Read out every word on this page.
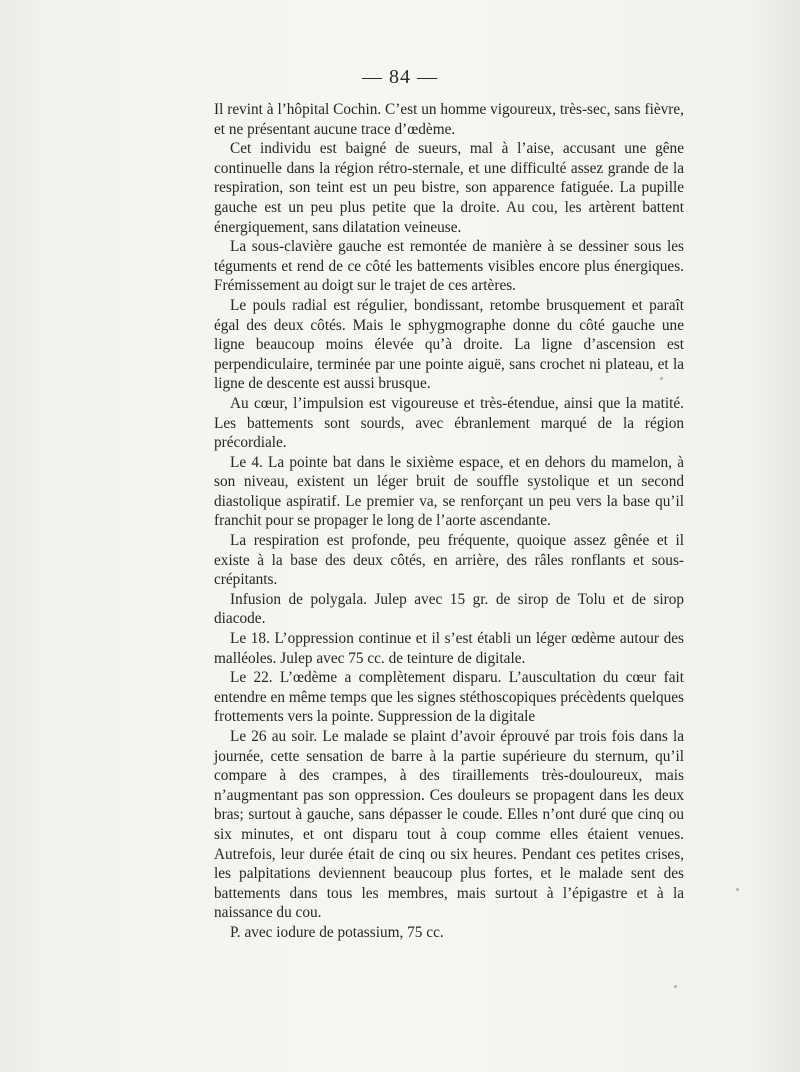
— 84 —

Il revint à l’hôpital Cochin. C’est un homme vigoureux, très-sec, sans fièvre, et ne présentant aucune trace d’œdème.

Cet individu est baigné de sueurs, mal à l’aise, accusant une gêne continuelle dans la région rétro-sternale, et une difficulté assez grande de la respiration, son teint est un peu bistre, son apparence fatiguée. La pupille gauche est un peu plus petite que la droite. Au cou, les artèrent battent énergiquement, sans dilatation veineuse.

La sous-clavière gauche est remontée de manière à se dessiner sous les téguments et rend de ce côté les battements visibles encore plus énergiques. Frémissement au doigt sur le trajet de ces artères.

Le pouls radial est régulier, bondissant, retombe brusquement et paraît égal des deux côtés. Mais le sphygmographe donne du côté gauche une ligne beaucoup moins élevée qu’à droite. La ligne d’ascension est perpendiculaire, terminée par une pointe aiguë, sans crochet ni plateau, et la ligne de descente est aussi brusque.

Au cœur, l’impulsion est vigoureuse et très-étendue, ainsi que la matité. Les battements sont sourds, avec ébranlement marqué de la région précordiale.

Le 4. La pointe bat dans le sixième espace, et en dehors du mamelon, à son niveau, existent un léger bruit de souffle systolique et un second diastolique aspiratif. Le premier va, se renforçant un peu vers la base qu’il franchit pour se propager le long de l’aorte ascendante.

La respiration est profonde, peu fréquente, quoique assez gênée et il existe à la base des deux côtés, en arrière, des râles ronflants et sous-crépitants.

Infusion de polygala. Julep avec 15 gr. de sirop de Tolu et de sirop diacode.

Le 18. L’oppression continue et il s’est établi un léger œdème autour des malléoles. Julep avec 75 cc. de teinture de digitale.

Le 22. L’œdème a complètement disparu. L’auscultation du cœur fait entendre en même temps que les signes stéthoscopiques précèdents quelques frottements vers la pointe. Suppression de la digitale

Le 26 au soir. Le malade se plaint d’avoir éprouvé par trois fois dans la journée, cette sensation de barre à la partie supérieure du sternum, qu’il compare à des crampes, à des tiraillements très-douloureux, mais n’augmentant pas son oppression. Ces douleurs se propagent dans les deux bras; surtout à gauche, sans dépasser le coude. Elles n’ont duré que cinq ou six minutes, et ont disparu tout à coup comme elles étaient venues. Autrefois, leur durée était de cinq ou six heures. Pendant ces petites crises, les palpitations deviennent beaucoup plus fortes, et le malade sent des battements dans tous les membres, mais surtout à l’épigastre et à la naissance du cou.

P. avec iodure de potassium, 75 cc.
